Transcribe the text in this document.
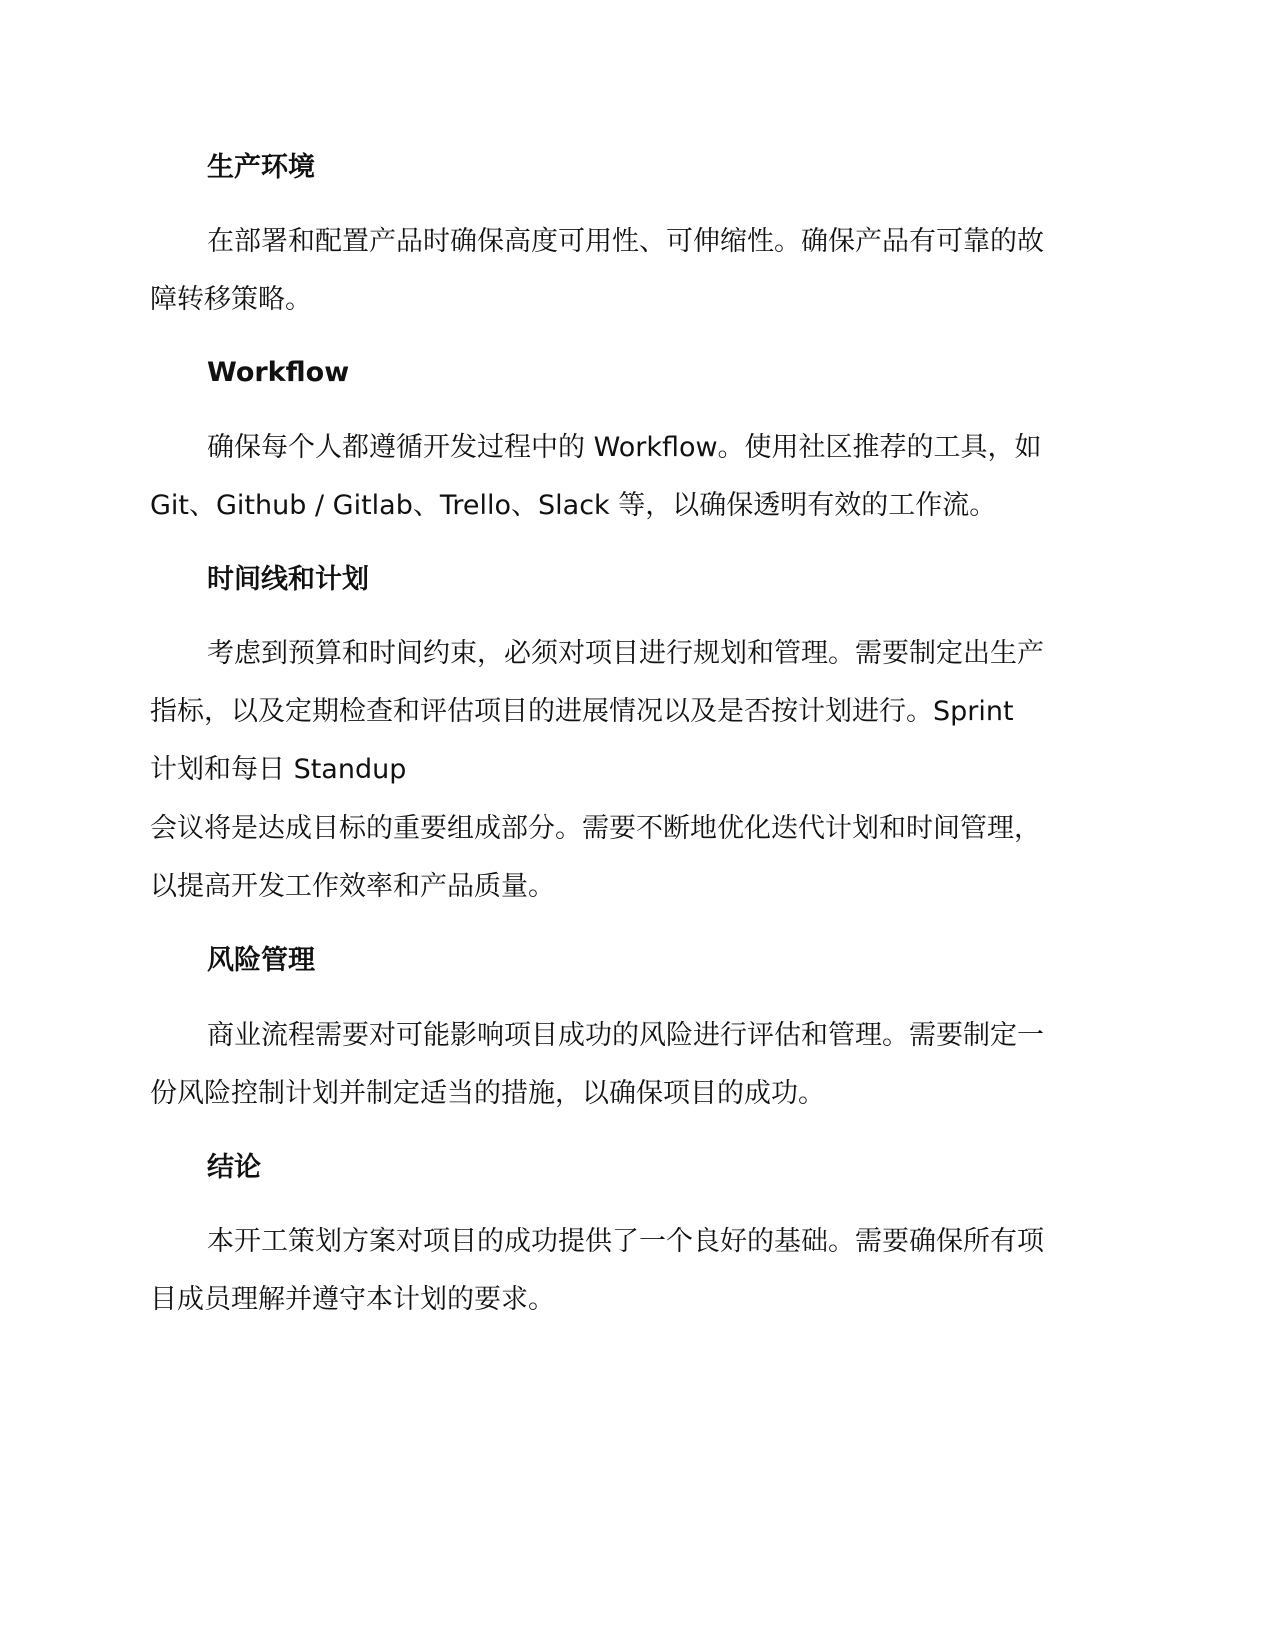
生产环境

在部署和配置产品时确保高度可用性、可伸缩性。确保产品有可靠的故

障转移策略。

Workflow

确保每个人都遵循开发过程中的 Workflow。使用社区推荐的工具，如

Git、Github / Gitlab、Trello、Slack 等，以确保透明有效的工作流。

时间线和计划

考虑到预算和时间约束，必须对项目进行规划和管理。需要制定出生产

指标，以及定期检查和评估项目的进展情况以及是否按计划进行。Sprint

计划和每日 Standup

会议将是达成目标的重要组成部分。需要不断地优化迭代计划和时间管理，

以提高开发工作效率和产品质量。

风险管理

商业流程需要对可能影响项目成功的风险进行评估和管理。需要制定一

份风险控制计划并制定适当的措施，以确保项目的成功。

结论

本开工策划方案对项目的成功提供了一个良好的基础。需要确保所有项

目成员理解并遵守本计划的要求。
